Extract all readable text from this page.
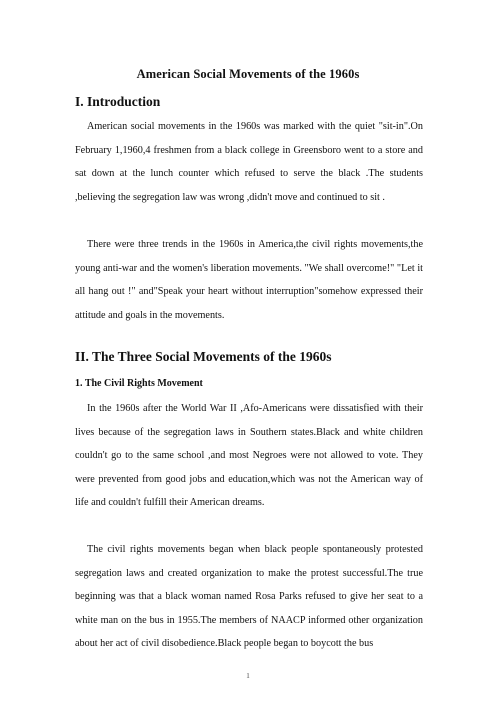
American Social Movements of the 1960s
I. Introduction

American social movements in the 1960s was marked with the quiet "sit-in".On February 1,1960,4 freshmen from a black college in Greensboro went to a store and sat down at the lunch counter which refused to serve the black .The students ,believing the segregation law was wrong ,didn't move and continued to sit .

There were three trends in the 1960s in America,the civil rights movements,the young anti-war and the women's liberation movements. "We shall overcome!" "Let it all hang out !" and"Speak your heart without interruption"somehow expressed their attitude and goals in the movements.

II. The Three Social Movements of the 1960s
1. The Civil Rights Movement

In the 1960s after the World War II ,Afo-Americans were dissatisfied with their lives because of the segregation laws in Southern states.Black and white children couldn't go to the same school ,and most Negroes were not allowed to vote. They were prevented from good jobs and education,which was not the American way of life and couldn't fulfill their American dreams.

The civil rights movements began when black people spontaneously protested segregation laws and created organization to make the protest successful.The true beginning was that a black woman named Rosa Parks refused to give her seat to a white man on the bus in 1955.The members of NAACP informed other organization about her act of civil disobedience.Black people began to boycott the bus

1
